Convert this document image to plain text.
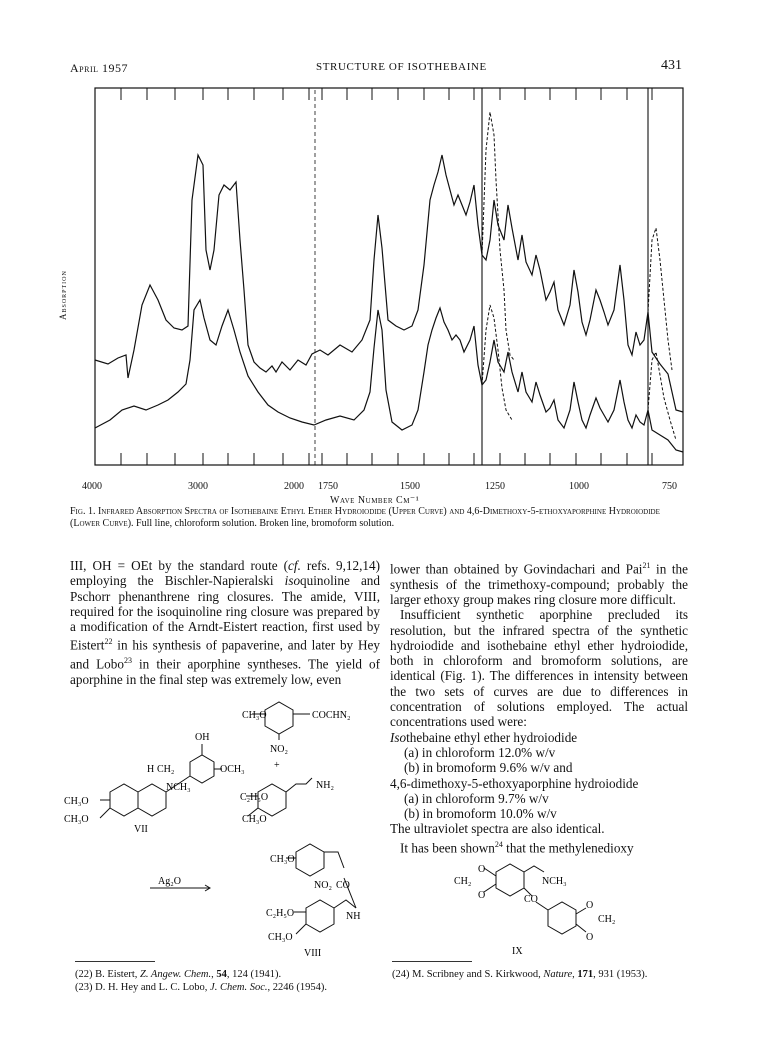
April 1957	STRUCTURE OF ISOTHEBAINE	431
Absorption
4000	3000	2000 1750	1500	1250	1000	750
Wave Number Cm⁻¹
Fig. 1. Infrared Absorption Spectra of Isothebaine Ethyl Ether Hydroiodide (Upper Curve) and 4,6-Dimethoxy-5-ethoxyaporphine Hydroiodide (Lower Curve). Full line, chloroform solution. Broken line, bromoform solution.

III, OH = OEt by the standard route (cf. refs. 9,12,14) employing the Bischler-Napieralski isoquinoline and Pschorr phenanthrene ring closures. The amide, VIII, required for the isoquinoline ring closure was prepared by a modification of the Arndt-Eistert reaction, first used by Eistert$^{22}$ in his synthesis of papaverine, and later by Hey and Lobo$^{23}$ in their aporphine syntheses. The yield of aporphine in the final step was extremely low, even

lower than obtained by Govindachari and Pai$^{21}$ in the synthesis of the trimethoxy-compound; probably the larger ethoxy group makes ring closure more difficult.

Insufficient synthetic aporphine precluded its resolution, but the infrared spectra of the synthetic hydroiodide and isothebaine ethyl ether hydroiodide, both in chloroform and bromoform solutions, are identical (Fig. 1). The differences in intensity between the two sets of curves are due to differences in concentration of solutions employed. The actual concentrations used were:

Isothebaine ethyl ether hydroiodide
(a) in chloroform 12.0% w/v
(b) in bromoform 9.6% w/v and
4,6-dimethoxy-5-ethoxyaporphine hydroiodide
(a) in chloroform 9.7% w/v
(b) in bromoform 10.0% w/v
The ultraviolet spectra are also identical.

It has been shown$^{24}$ that the methylenedioxy

OH
H CH₂	OCH₃
NCH₃
CH₃O
CH₃O
VII
CH₃O	COCHN₂
NO₂
+
C₂H₅O
NH₂
CH₃O
Ag₂O
CH₃O
NO₂ CO
NH
C₂H₅O
CH₃O
VIII
O
CH₂
O
NCH₃
CO
O
CH₂
O
IX
(22) B. Eistert, Z. Angew. Chem., 54, 124 (1941).
(23) D. H. Hey and L. C. Lobo, J. Chem. Soc., 2246 (1954).
(24) M. Scribney and S. Kirkwood, Nature, 171, 931 (1953).
